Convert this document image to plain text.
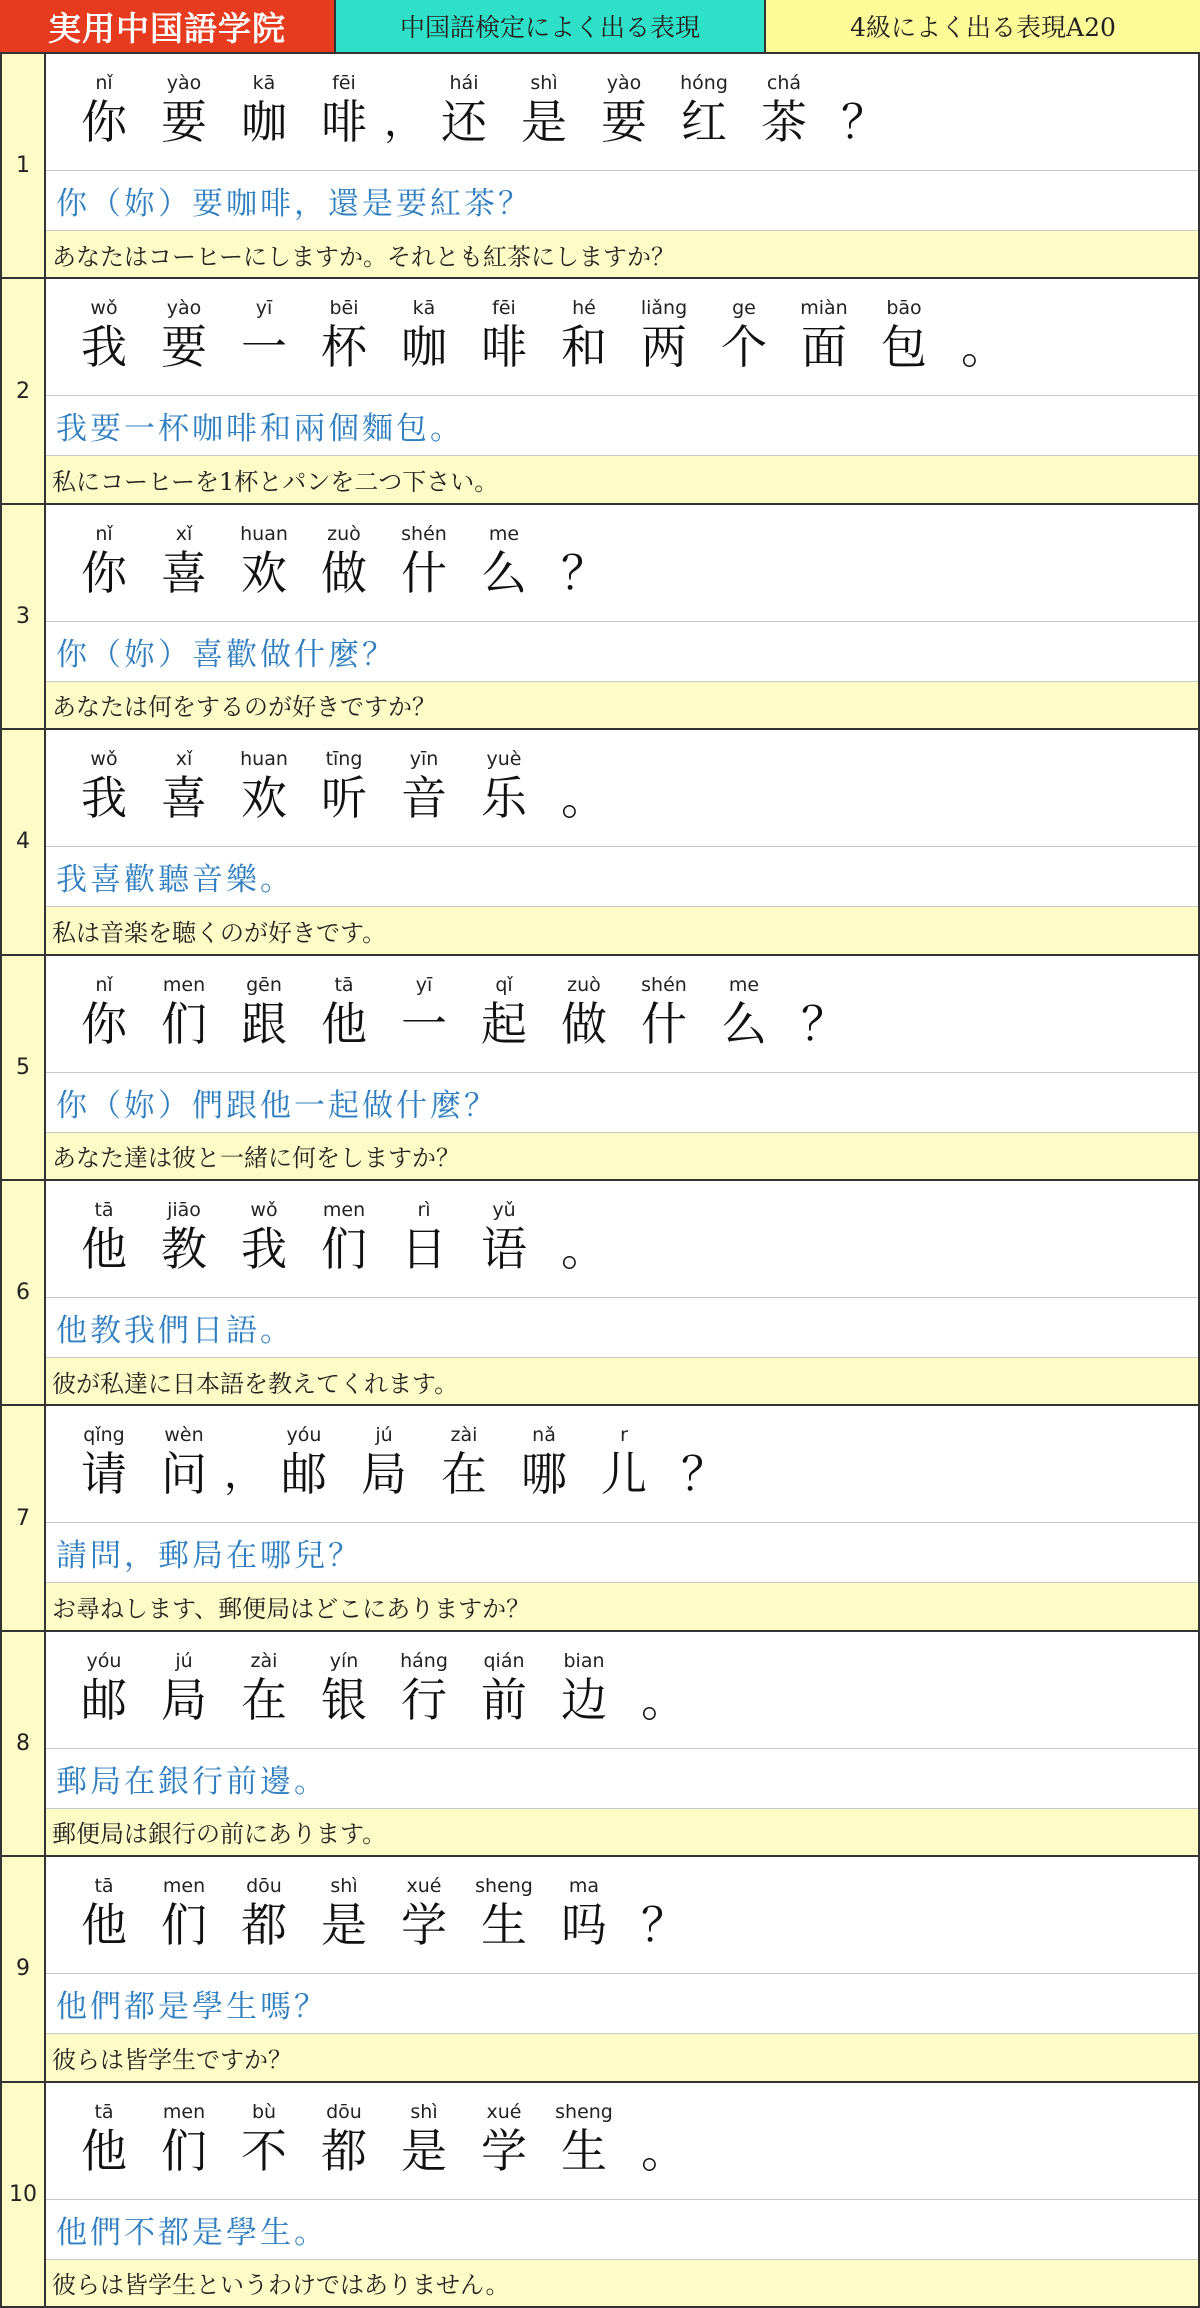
実用中国語学院	中国語検定によく出る表現	4級によく出る表現A20
1
nǐ
你
yào
要
kā
咖
fēi
啡 ，
hái
还
shì
是
yào
要
hóng
红
chá
茶 ？
你（妳）要咖啡，還是要紅茶？
あなたはコーヒーにしますか。それとも紅茶にしますか？
2
wǒ
我
yào
要
yī
一
bēi
杯
kā
咖
fēi
啡
hé
和
liǎng
两
ge
个
miàn
面
bāo
包 。
我要一杯咖啡和兩個麵包。
私にコーヒーを1杯とパンを二つ下さい。
3
nǐ
你
xǐ
喜
huan
欢
zuò
做
shén
什
me
么 ？
你（妳）喜歡做什麼？
あなたは何をするのが好きですか？
4
wǒ
我
xǐ
喜
huan
欢
tīng
听
yīn
音
yuè
乐 。
我喜歡聽音樂。
私は音楽を聴くのが好きです。
5
nǐ
你
men
们
gēn
跟
tā
他
yī
一
qǐ
起
zuò
做
shén
什
me
么 ？
你（妳）們跟他一起做什麼？
あなた達は彼と一緒に何をしますか？
6
tā
他
jiāo
教
wǒ
我
men
们
rì
日
yǔ
语 。
他教我們日語。
彼が私達に日本語を教えてくれます。
7
qǐng
请
wèn
问 ，
yóu
邮
jú
局
zài
在
nǎ
哪
r
儿 ？
請問，郵局在哪兒？
お尋ねします、郵便局はどこにありますか？
8
yóu
邮
jú
局
zài
在
yín
银
háng
行
qián
前
bian
边 。
郵局在銀行前邊。
郵便局は銀行の前にあります。
9
tā
他
men
们
dōu
都
shì
是
xué
学
sheng
生
ma
吗 ？
他們都是學生嗎？
彼らは皆学生ですか？
10
tā
他
men
们
bù
不
dōu
都
shì
是
xué
学
sheng
生 。
他們不都是學生。
彼らは皆学生というわけではありません。
